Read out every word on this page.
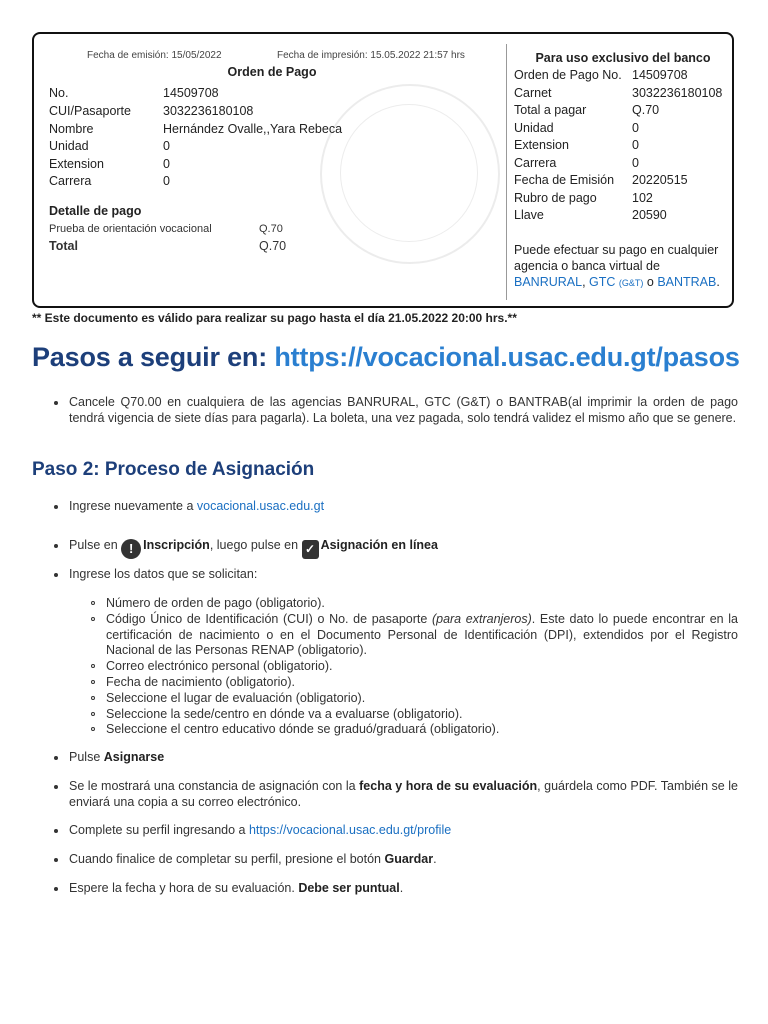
Fecha de emisión: 15/05/2022	Fecha de impresión: 15.05.2022 21:57 hrs
Orden de Pago
No.	14509708
CUI/Pasaporte	3032236180108
Nombre	Hernández Ovalle,,Yara Rebeca
Unidad	0
Extension	0
Carrera	0
Detalle de pago
Prueba de orientación vocacional	Q.70
Total	Q.70
Para uso exclusivo del banco
Orden de Pago No. 14509708
Carnet	3032236180108
Total a pagar	Q.70
Unidad	0
Extension	0
Carrera	0
Fecha de Emisión 20220515
Rubro de pago	102
Llave	20590
Puede efectuar su pago en cualquier agencia o banca virtual de BANRURAL, GTC (G&T) o BANTRAB.
** Este documento es válido para realizar su pago hasta el día 21.05.2022 20:00 hrs.**
Pasos a seguir en: https://vocacional.usac.edu.gt/pasos
Cancele Q70.00 en cualquiera de las agencias BANRURAL, GTC (G&T) o BANTRAB(al imprimir la orden de pago tendrá vigencia de siete días para pagarla). La boleta, una vez pagada, solo tendrá validez el mismo año que se genere.
Paso 2: Proceso de Asignación
Ingrese nuevamente a vocacional.usac.edu.gt
Pulse en ! Inscripción, luego pulse en ✓ Asignación en línea
Ingrese los datos que se solicitan:
Número de orden de pago (obligatorio).
Código Único de Identificación (CUI) o No. de pasaporte (para extranjeros). Este dato lo puede encontrar en la certificación de nacimiento o en el Documento Personal de Identificación (DPI), extendidos por el Registro Nacional de las Personas RENAP (obligatorio).
Correo electrónico personal (obligatorio).
Fecha de nacimiento (obligatorio).
Seleccione el lugar de evaluación (obligatorio).
Seleccione la sede/centro en dónde va a evaluarse (obligatorio).
Seleccione el centro educativo dónde se graduó/graduará (obligatorio).
Pulse Asignarse
Se le mostrará una constancia de asignación con la fecha y hora de su evaluación, guárdela como PDF. También se le enviará una copia a su correo electrónico.
Complete su perfil ingresando a https://vocacional.usac.edu.gt/profile
Cuando finalice de completar su perfil, presione el botón Guardar.
Espere la fecha y hora de su evaluación. Debe ser puntual.
